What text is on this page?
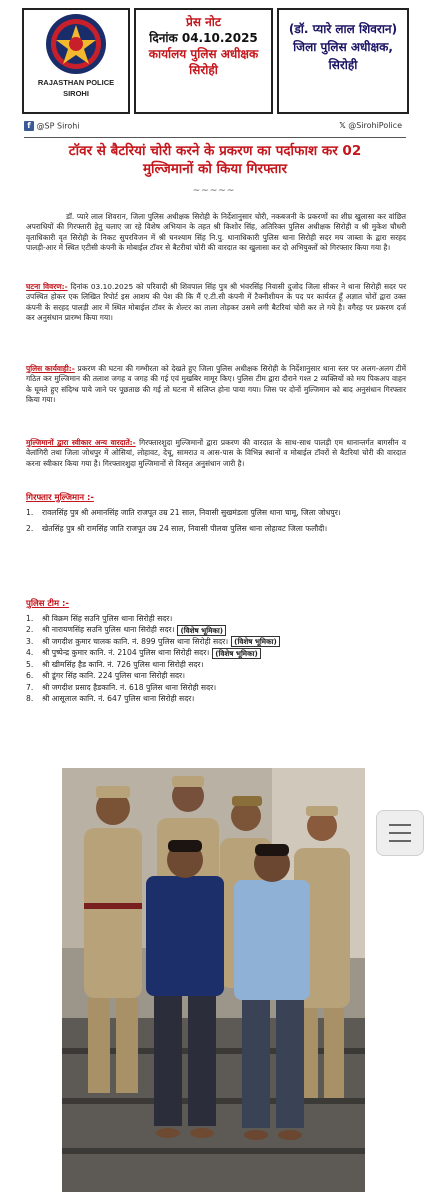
RAJASTHAN POLICE
SIROHI
प्रेस नोट
दिनांक 04.10.2025
कार्यालय पुलिस अधीक्षक
सिरोही
(डॉ. प्यारे लाल शिवरान)
जिला पुलिस अधीक्षक,
सिरोही
f @SP Sirohi	𝕏 @SirohiPolice
टॉवर से बैटरियां चोरी करने के प्रकरण का पर्दाफाश कर 02
मुल्जिमानों को किया गिरफ्तार
~~~~~
डॉ. प्यारे लाल शिवरान, जिला पुलिस अधीक्षक सिरोही के निर्देशानुसार चोरी, नकबजनी के प्रकरणों का शीघ्र खुलासा कर वांछित अपराधियों की गिरफ्तारी हेतु चलाए जा रहे विशेष अभियान के तहत श्री किशोर सिंह, अतिरिक्त पुलिस अधीक्षक सिरोही व श्री मुकेश चौधरी वृताधिकारी वृत सिरोही के निकट सुपरविजन में श्री घनश्याम सिंह नि.पु. थानाधिकारी पुलिस थाना सिरोही सदर मय जाब्ता के द्वारा सरहद पालड़ी-आर में स्थित एटीसी कंपनी के मोबाईल टॉवर से बैटरीयां चोरी की वारदात का खुलासा कर दो अभियुक्तों को गिरफ्तार किया गया है।
घटना विवरण:- दिनांक 03.10.2025 को परिवादी श्री शिवपाल सिंह पुत्र श्री भंवरसिंह निवासी दुजोद जिला सीकर ने थाना सिरोही सदर पर उपस्थित होकर एक लिखित रिपोर्ट इस आशय की पेश की कि मैं ए.टी.सी कंपनी में टैक्नीशीयन के पद पर कार्यरत हूँ अज्ञात चोरों द्वारा उक्त कंपनी के सरहद पालड़ी आर में स्थित मोबाईल टॉवर के शेल्टर का ताला तोड़कर उसमे लगी बैटरियां चोरी कर ले गये है। वगैरह पर प्रकरण दर्ज कर अनुसंधान प्रारम्भ किया गया।
पुलिस कार्यवाही:- प्रकरण की घटना की गम्भीरता को देखते हुए जिला पुलिस अधीक्षक सिरोही के निर्देशानुसार थाना स्तर पर अलग-अलग टीमें गठित कर मुल्जिमान की तलाश जगह व जगह की गई एवं मुखबिर मामूर किए। पुलिस टीम द्वारा दौराने गश्त 2 व्यक्तियों को मय पिकअप वाहन के घूमते हुए संदिग्ध पाये जाने पर पूछताछ की गई तो घटना में संलिप्त होना पाया गया। जिस पर दोनों मुल्जिमान को बाद अनुसंधान गिरफ्तार किया गया।
मुल्जिमानों द्वारा स्वीकार अन्य वारदातें:- गिरफ्तारशुदा मुल्जिमानों द्वारा प्रकरण की वारदात के साथ-साथ पालड़ी एम थानान्तर्गत बागसीन व वेलांगिरी तथा जिला जोधपुर में ओसियां, लोहावट, देचू, सामराउ व आस-पास के विभिन्न स्थानों व मोबाईल टॉवरों से बैटरियां चोरी की वारदात करना स्वीकार किया गया है। गिरफ्तारशुदा मुल्जिमानों से विस्तृत अनुसंधान जारी है।
गिरफ्तार मुल्जिमान :-
1.	रावलसिंह पुत्र श्री अमानसिंह जाति राजपूत उम्र 21 साल, निवासी सुखमंडला पुलिस थाना चामू, जिला जोधपुर।
2.	खेतसिंह पुत्र श्री रामसिंह जाति राजपूत उम्र 24 साल, निवासी पीलवा पुलिस थाना लोहावट जिला फलौदी।
पुलिस टीम :-
1.	श्री विक्रम सिंह सउनि पुलिस थाना सिरोही सदर।
2.	श्री नारायणसिंह सउनि पुलिस थाना सिरोही सदर। (विशेष भूमिका)
3.	श्री जगदीश कुमार चालक कानि. नं. 899 पुलिस थाना सिरोही सदर। (विशेष भूमिका)
4.	श्री पुष्पेन्द्र कुमार कानि. नं. 2104 पुलिस थाना सिरोही सदर। (विशेष भूमिका)
5.	श्री खीमसिंह हैड कानि. नं. 726 पुलिस थाना सिरोही सदर।
6.	श्री डूंगर सिंह कानि. 224 पुलिस थाना सिरोही सदर।
7.	श्री जगदीश प्रसाद हैडकानि. नं. 618 पुलिस थाना सिरोही सदर।
8.	श्री आसूलाल कानि. नं. 647 पुलिस थाना सिरोही सदर।
